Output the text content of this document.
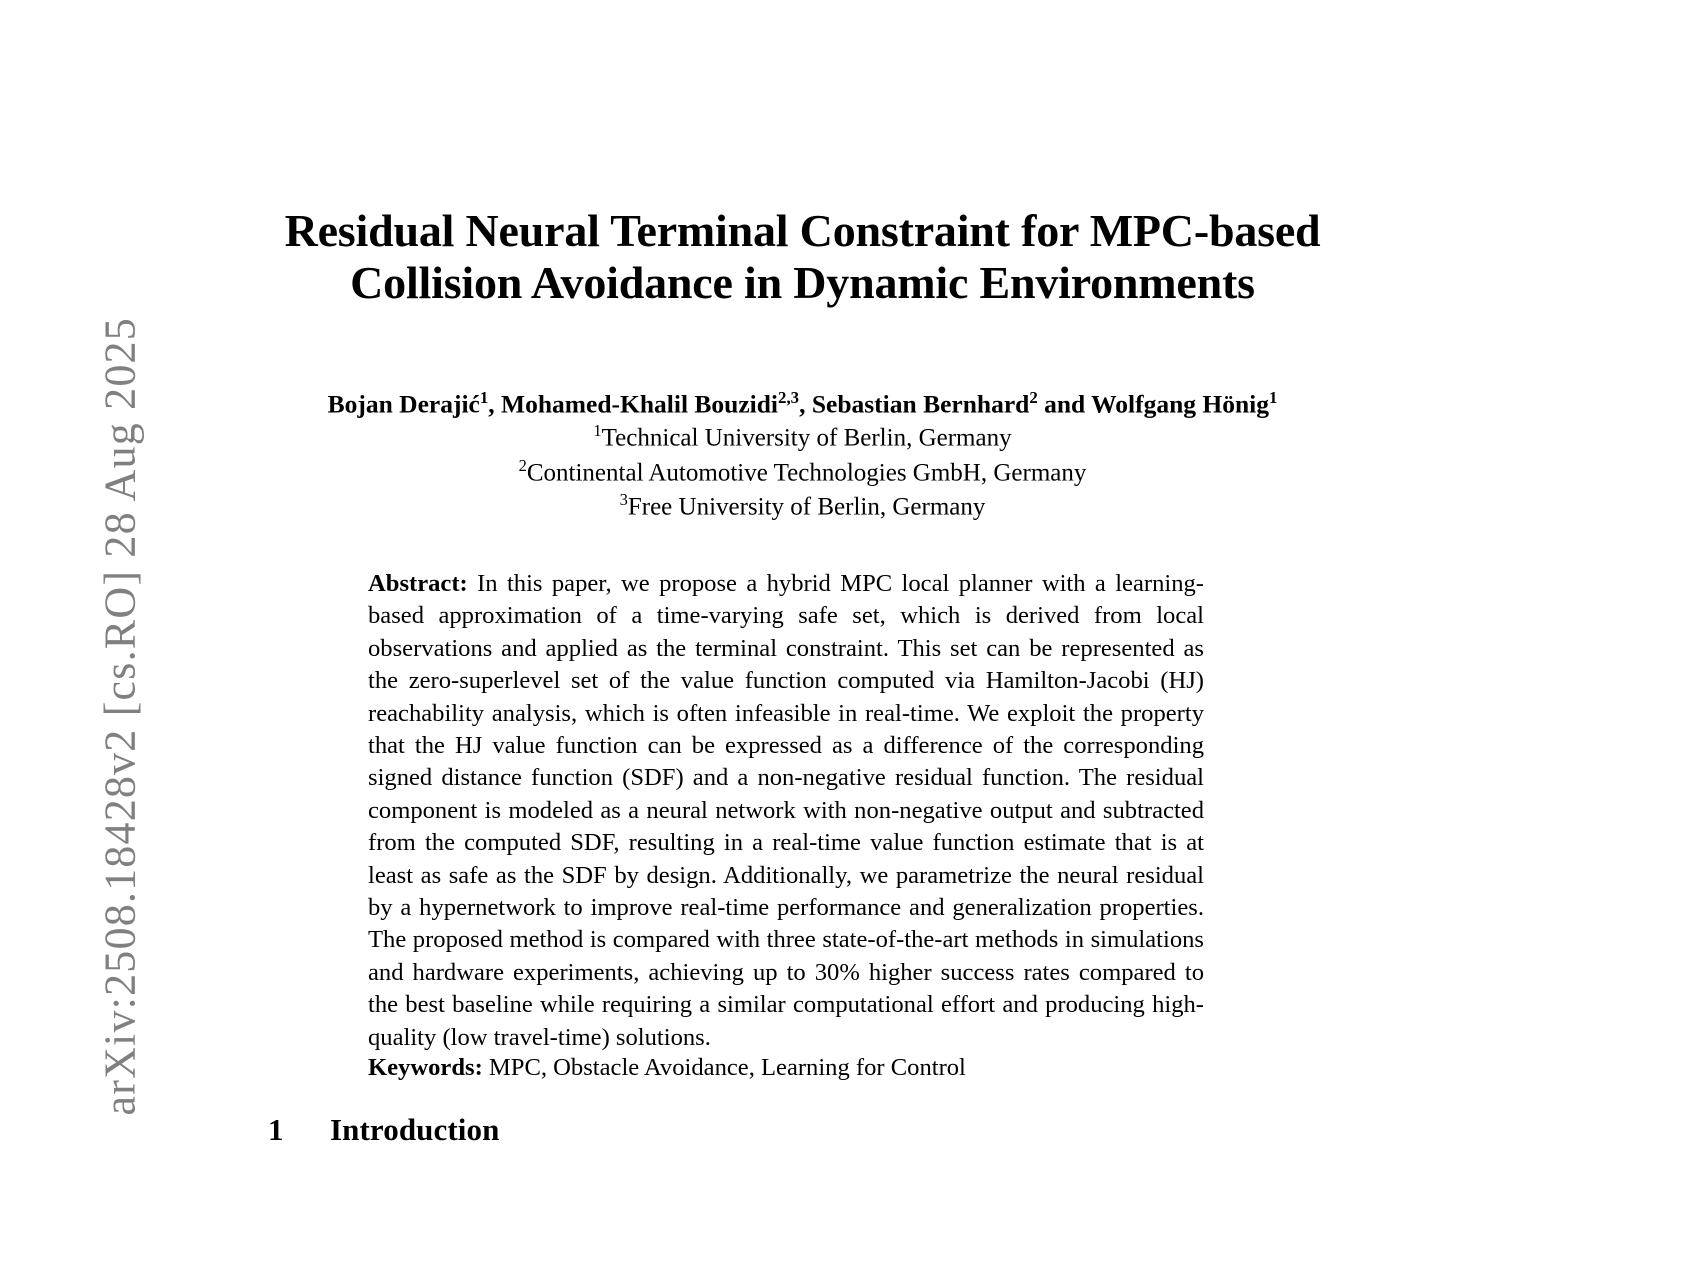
arXiv:2508.18428v2 [cs.RO] 28 Aug 2025
Residual Neural Terminal Constraint for MPC-based
Collision Avoidance in Dynamic Environments
Bojan Derajić$^1$, Mohamed-Khalil Bouzidi$^{2,3}$, Sebastian Bernhard$^2$ and Wolfgang Hönig$^1$
$^1$Technical University of Berlin, Germany
$^2$Continental Automotive Technologies GmbH, Germany
$^3$Free University of Berlin, Germany

Abstract: In this paper, we propose a hybrid MPC local planner with a learning-based approximation of a time-varying safe set, which is derived from local observations and applied as the terminal constraint. This set can be represented as the zero-superlevel set of the value function computed via Hamilton-Jacobi (HJ) reachability analysis, which is often infeasible in real-time. We exploit the property that the HJ value function can be expressed as a difference of the corresponding signed distance function (SDF) and a non-negative residual function. The residual component is modeled as a neural network with non-negative output and subtracted from the computed SDF, resulting in a real-time value function estimate that is at least as safe as the SDF by design. Additionally, we parametrize the neural residual by a hypernetwork to improve real-time performance and generalization properties. The proposed method is compared with three state-of-the-art methods in simulations and hardware experiments, achieving up to 30% higher success rates compared to the best baseline while requiring a similar computational effort and producing high-quality (low travel-time) solutions.

Keywords: MPC, Obstacle Avoidance, Learning for Control
1 Introduction
